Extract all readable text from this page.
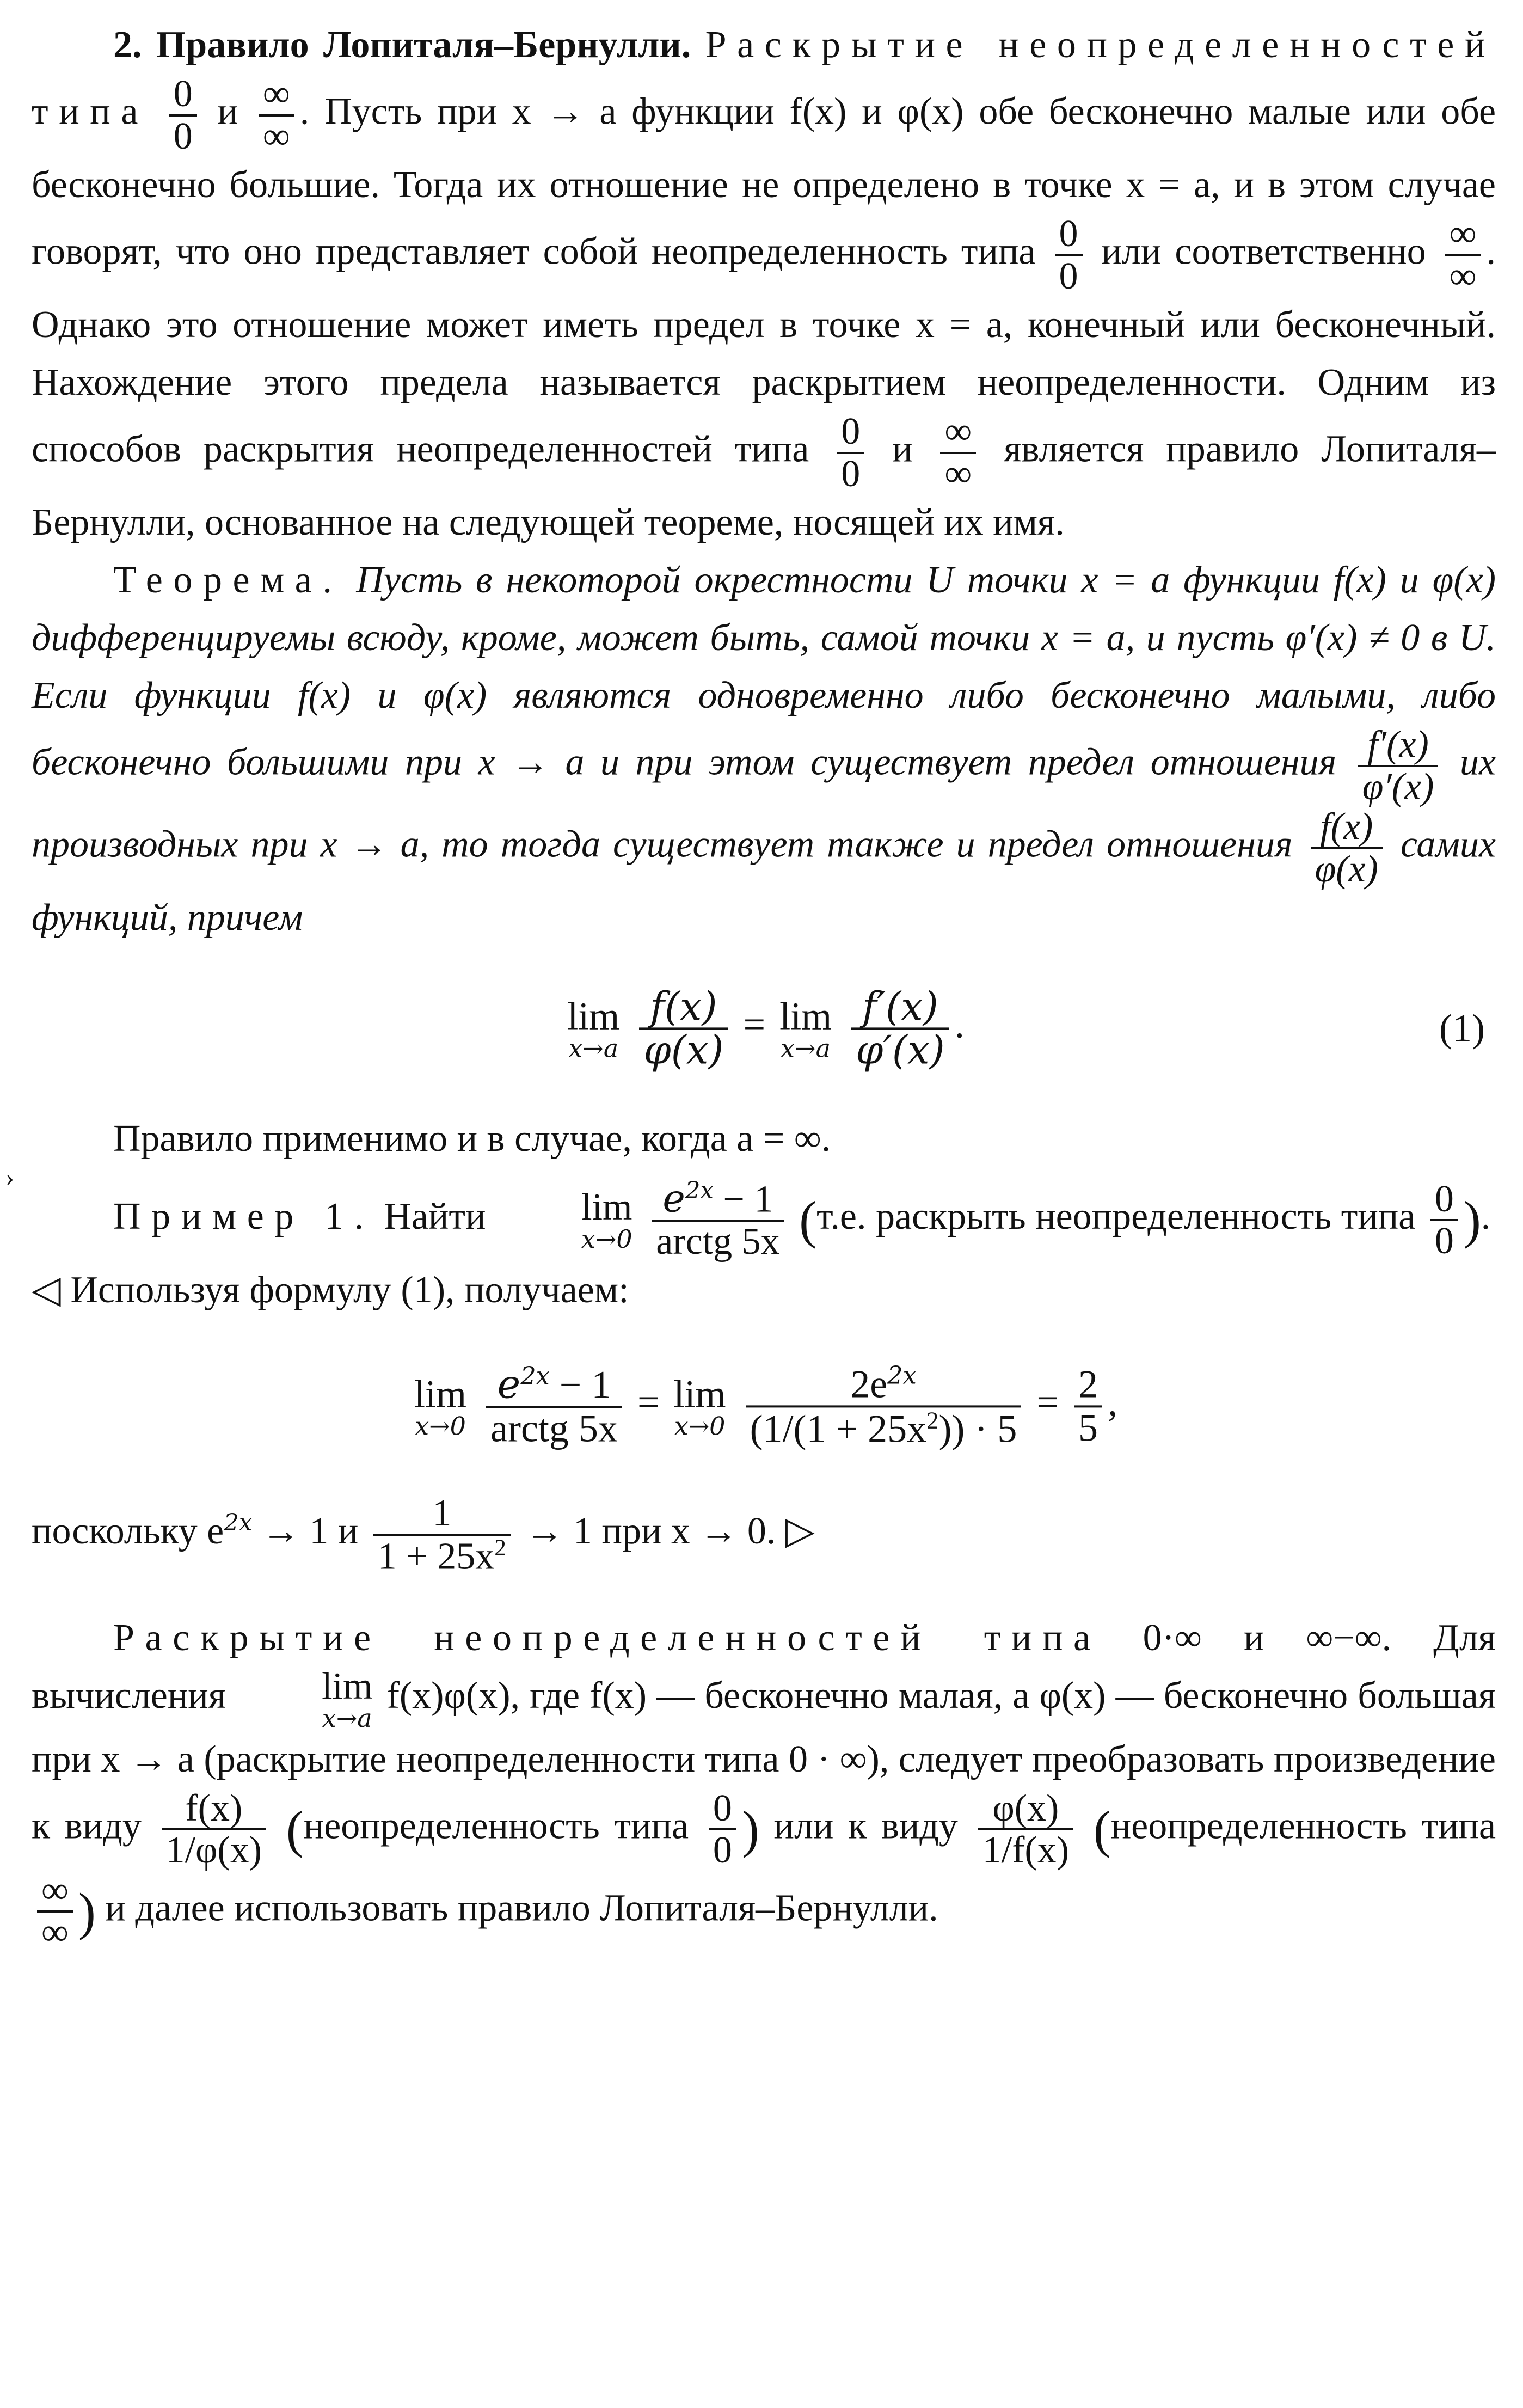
2. Правило Лопиталя–Бернулли. Раскрытие неопределенностей типа $\frac{0}{0}$ и $\frac{\infty}{\infty}$ . Пусть при x → a функции f(x) и φ(x) обе бесконечно малые или обе бесконечно большие. Тогда их отношение не определено в точке x = a, и в этом случае говорят, что оно представляет собой неопределенность типа $\frac{0}{0}$ или соответственно $\frac{\infty}{\infty}$ . Однако это отношение может иметь предел в точке x = a, конечный или бесконечный. Нахождение этого предела называется раскрытием неопределенности. Одним из способов раскрытия неопределенностей типа $\frac{0}{0}$ и $\frac{\infty}{\infty}$ является правило Лопиталя–Бернулли, основанное на следующей теореме, носящей их имя.

Теорема. Пусть в некоторой окрестности U точки x = a функции f(x) и φ(x) дифференцируемы всюду, кроме, может быть, самой точки x = a, и пусть φ′(x) ≠ 0 в U. Если функции f(x) и φ(x) являются одновременно либо бесконечно малыми, либо бесконечно большими при x → a и при этом существует предел отношения $\frac{f'(x)}{\varphi'(x)}$ их производных при x → a, то тогда существует также и предел отношения $\frac{f(x)}{\varphi(x)}$ самих функций, причем

lim
x→a
$\frac{f(x)}{\varphi(x)} = \lim$
x→a
$\frac{f'(x)}{\varphi'(x)}$ .	(1)

Правило применимо и в случае, когда a = ∞.

›

Пример 1. Найти	lim
x→0
$\frac{e^{2x} - 1}{\text{arctg 5x}} (т.е$. раскрыть неопределенность типа $\frac{0}{0}$ ).

◁ Используя формулу (1), получаем:

lim
x→0
$\frac{e^{2x} - 1}{\text{arctg 5x}} = \lim$
x→0
$\frac{2e^{2x}}{(1/(1 + 25x^2)) \cdot 5} = \frac{2}{5}$ ,

поскольку $e^{2x} \to 1$ и $\frac{1}{1 + 25x^2} \to 1$ при x → 0. ▷

Раскрытие неопределенностей типа 0·∞ и ∞−∞. Для вычисления	lim
x→a
f(x)φ(x), где f(x) — бесконечно малая, а φ(x) — бесконечно большая при x → a (раскрытие неопределенности типа 0 · ∞), следует преобразовать произведение к виду $\frac{f(x)}{1/\varphi(x)}$ (неопределенность типа $\frac{0}{0}$ ) или к виду $\frac{\varphi(x)}{1/f(x)}$ (неопределенность типа
$\frac{\infty}{\infty}$ ) и далее использовать правило Лопиталя–Бернулли.
